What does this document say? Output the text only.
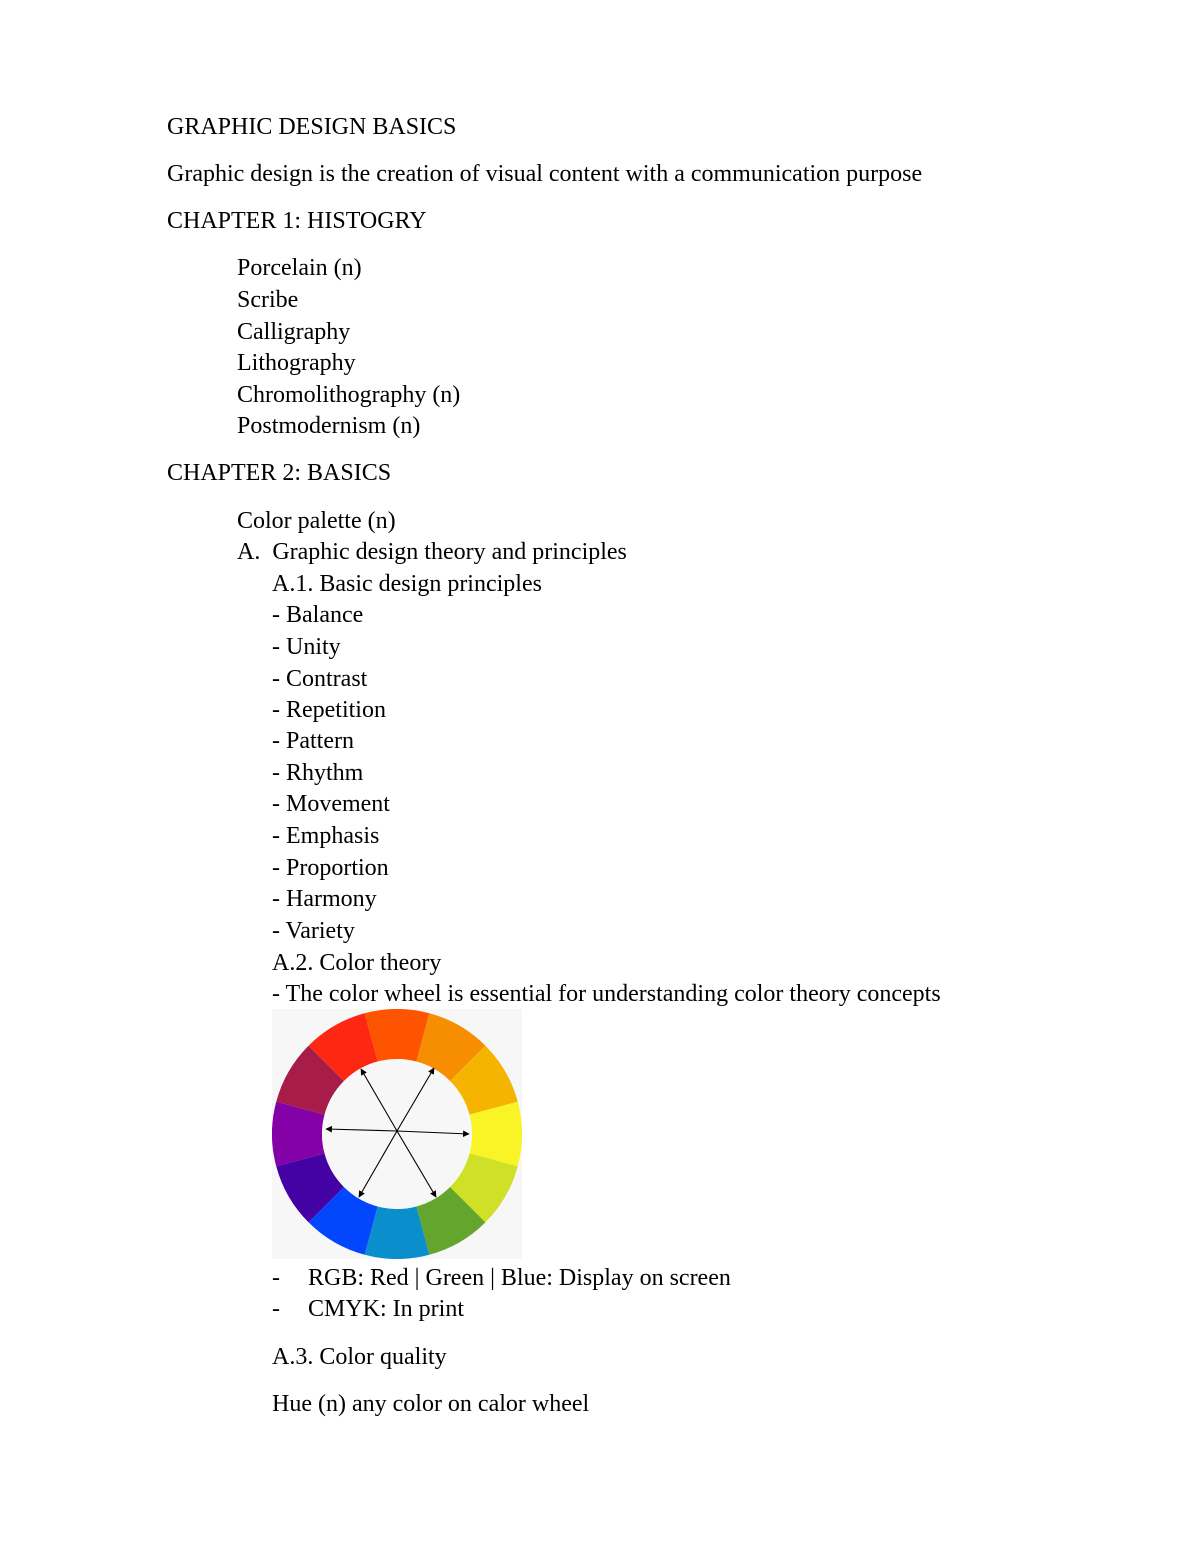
GRAPHIC DESIGN BASICS
Graphic design is the creation of visual content with a communication purpose
CHAPTER 1: HISTOGRY
Porcelain (n)
Scribe
Calligraphy
Lithography
Chromolithography (n)
Postmodernism (n)
CHAPTER 2: BASICS
Color palette (n)
A.  Graphic design theory and principles
A.1. Basic design principles
- Balance
- Unity
- Contrast
- Repetition
- Pattern
- Rhythm
- Movement
- Emphasis
- Proportion
- Harmony
- Variety
A.2. Color theory
- The color wheel is essential for understanding color theory concepts
- RGB: Red | Green | Blue: Display on screen
- CMYK: In print
A.3. Color quality
Hue (n) any color on calor wheel
